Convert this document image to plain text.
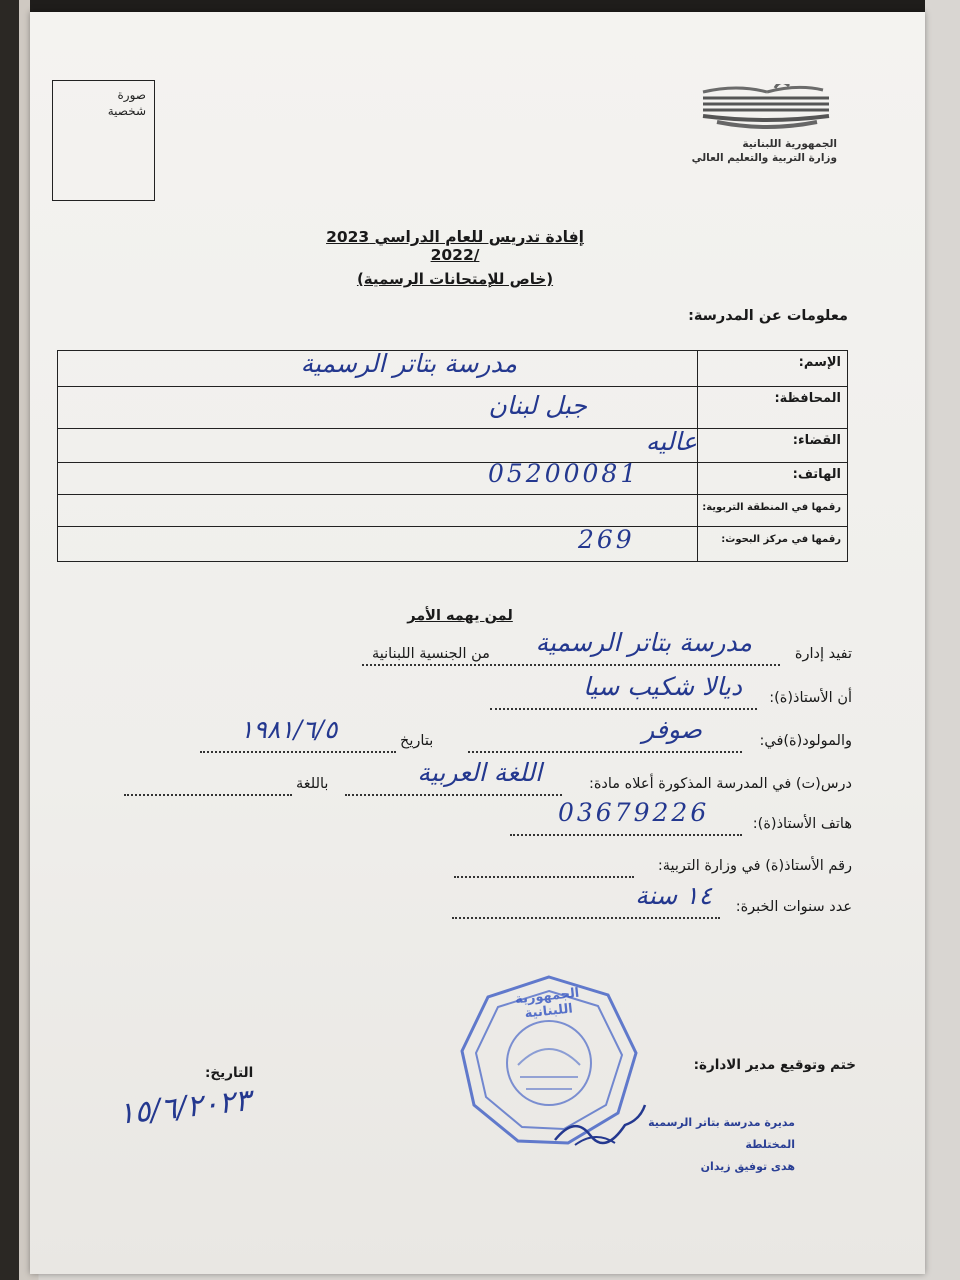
صورة شخصية
الجمهورية اللبنانية
وزارة التربية والتعليم العالي
إفادة تدريس للعام الدراسي 2023 /2022
(خاص للإمتحانات الرسمية)
معلومات عن المدرسة:
الإسم:
مدرسة بتاتر الرسمية
المحافظة:
جبل لبنان
القضاء:
عاليه
الهاتف:
05200081
رقمها في المنطقة التربوية:
رقمها في مركز البحوث:
269
لمن يهمه الأمر
تفيد إدارة
مدرسة بتاتر الرسمية
من الجنسية اللبنانية
أن الأستاذ(ة):
ديالا شكيب سيا
والمولود(ة)في:
صوفر
بتاريخ
١٩٨١/٦/٥
درس(ت) في المدرسة المذكورة أعلاه مادة:
اللغة العربية
باللغة
هاتف الأستاذ(ة):
03679226
رقم الأستاذ(ة) في وزارة التربية:
عدد سنوات الخبرة:
١٤ سنة
الجمهورية اللبنانية
ختم وتوقيع مدير الادارة:
مديرة مدرسة بتاتر الرسمية المختلطة
هدى توفيق زيدان
التاريخ:
١٥/٦/٢٠٢٣
